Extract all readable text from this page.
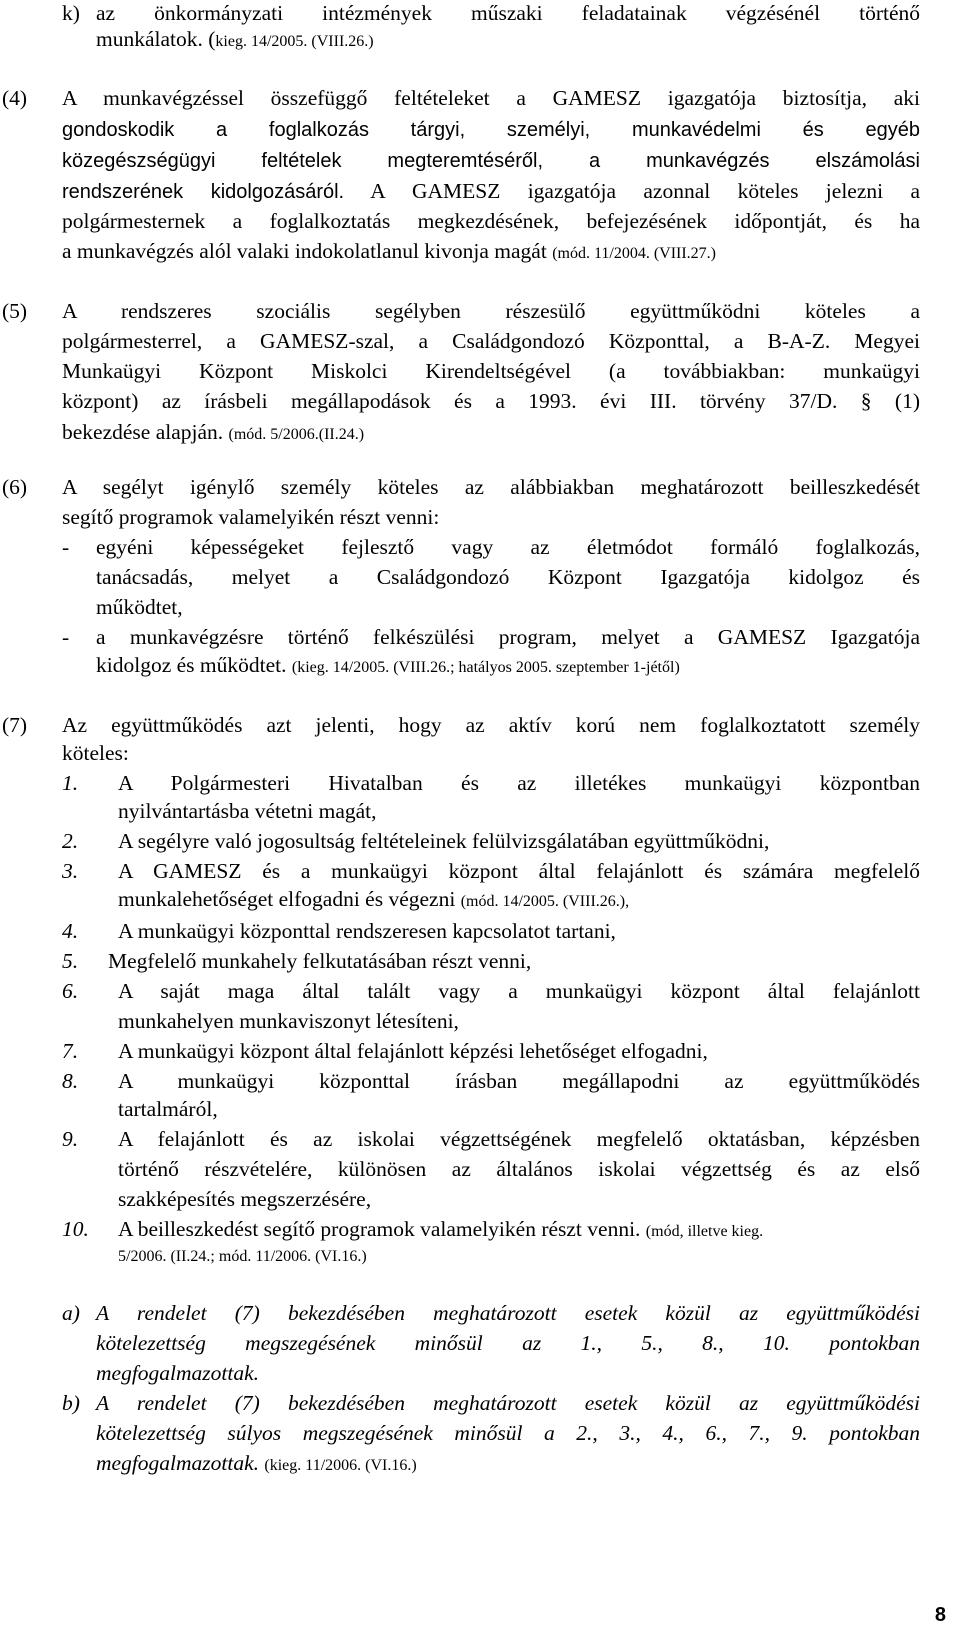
k) az önkormányzati intézmények műszaki feladatainak végzésénél történő
munkálatok. (kieg. 14/2005. (VIII.26.)
(4) A munkavégzéssel összefüggő feltételeket a GAMESZ igazgatója biztosítja, aki
gondoskodik a foglalkozás tárgyi, személyi, munkavédelmi és egyéb
közegészségügyi feltételek megteremtéséről, a munkavégzés elszámolási
rendszerének kidolgozásáról. A GAMESZ igazgatója azonnal köteles jelezni a
polgármesternek a foglalkoztatás megkezdésének, befejezésének időpontját, és ha
a munkavégzés alól valaki indokolatlanul kivonja magát (mód. 11/2004. (VIII.27.)
(5) A rendszeres szociális segélyben részesülő együttműködni köteles a
polgármesterrel, a GAMESZ-szal, a Családgondozó Központtal, a B-A-Z. Megyei
Munkaügyi Központ Miskolci Kirendeltségével (a továbbiakban: munkaügyi
központ) az írásbeli megállapodások és a 1993. évi III. törvény 37/D. § (1)
bekezdése alapján. (mód. 5/2006.(II.24.)
(6) A segélyt igénylő személy köteles az alábbiakban meghatározott beilleszkedését
segítő programok valamelyikén részt venni:
- egyéni képességeket fejlesztő vagy az életmódot formáló foglalkozás,
tanácsadás, melyet a Családgondozó Központ Igazgatója kidolgoz és
működtet,
- a munkavégzésre történő felkészülési program, melyet a GAMESZ Igazgatója
kidolgoz és működtet. (kieg. 14/2005. (VIII.26.; hatályos 2005. szeptember 1-jétől)
(7) Az együttműködés azt jelenti, hogy az aktív korú nem foglalkoztatott személy
köteles:
1. A Polgármesteri Hivatalban és az illetékes munkaügyi központban
nyilvántartásba vétetni magát,
2. A segélyre való jogosultság feltételeinek felülvizsgálatában együttműködni,
3. A GAMESZ és a munkaügyi központ által felajánlott és számára megfelelő
munkalehetőséget elfogadni és végezni (mód. 14/2005. (VIII.26.),
4. A munkaügyi központtal rendszeresen kapcsolatot tartani,
5. Megfelelő munkahely felkutatásában részt venni,
6. A saját maga által talált vagy a munkaügyi központ által felajánlott
munkahelyen munkaviszonyt létesíteni,
7. A munkaügyi központ által felajánlott képzési lehetőséget elfogadni,
8. A munkaügyi központtal írásban megállapodni az együttműködés
tartalmáról,
9. A felajánlott és az iskolai végzettségének megfelelő oktatásban, képzésben
történő részvételére, különösen az általános iskolai végzettség és az első
szakképesítés megszerzésére,
10. A beilleszkedést segítő programok valamelyikén részt venni. (mód, illetve kieg.
5/2006. (II.24.; mód. 11/2006. (VI.16.)
a) A rendelet (7) bekezdésében meghatározott esetek közül az együttműködési
kötelezettség megszegésének minősül az 1., 5., 8., 10. pontokban
megfogalmazottak.
b) A rendelet (7) bekezdésében meghatározott esetek közül az együttműködési
kötelezettség súlyos megszegésének minősül a 2., 3., 4., 6., 7., 9. pontokban
megfogalmazottak. (kieg. 11/2006. (VI.16.)
8
